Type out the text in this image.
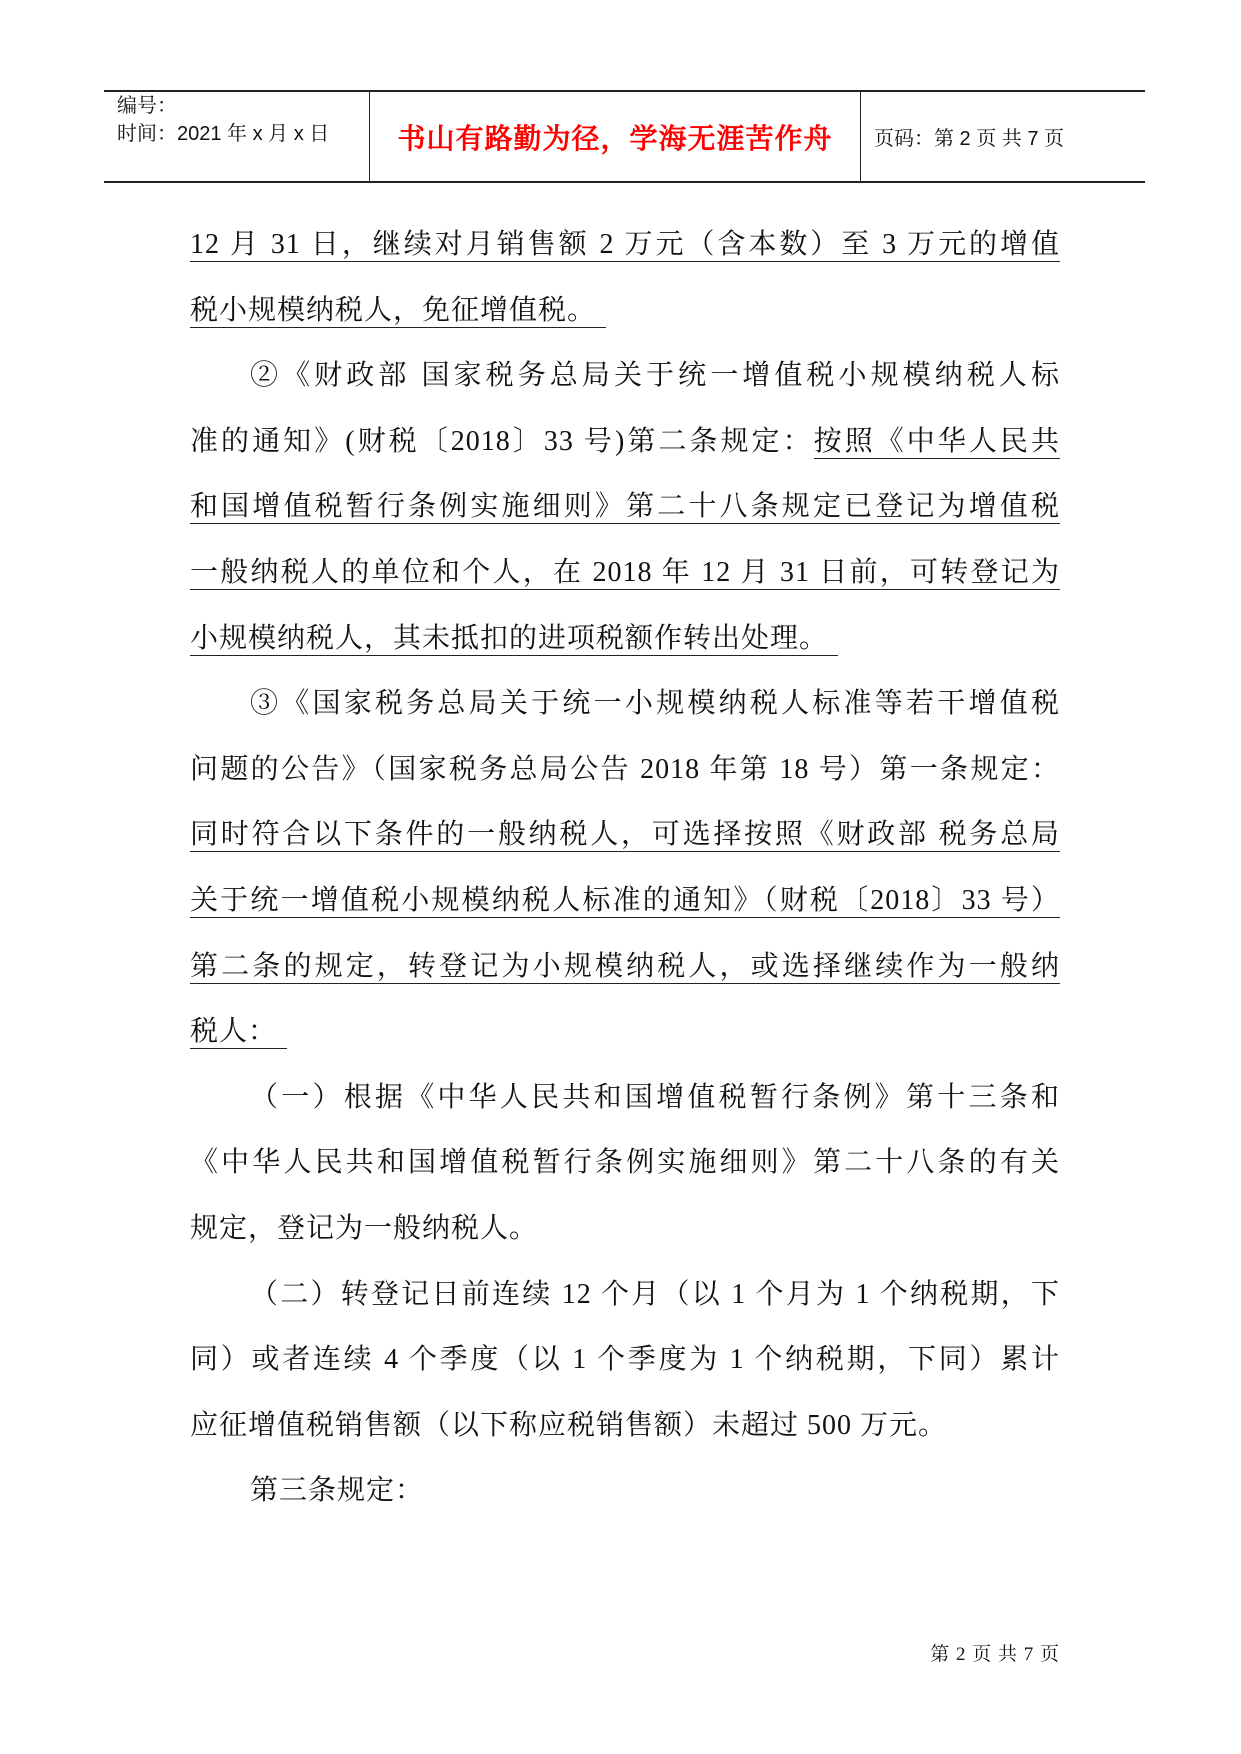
编号：
时间：2021 年 x 月 x 日 书山有路勤为径，学海无涯苦作舟 页码：第 2 页 共 7 页
12 月 31 日，继续对月销售额 2 万元（含本数）至 3 万元的增值
税小规模纳税人，免征增值税。
②《财政部 国家税务总局关于统一增值税小规模纳税人标
准的通知》(财税〔2018〕33 号)第二条规定：按照《中华人民共
和国增值税暂行条例实施细则》第二十八条规定已登记为增值税
一般纳税人的单位和个人，在 2018 年 12 月 31 日前，可转登记为
小规模纳税人，其未抵扣的进项税额作转出处理。
③《国家税务总局关于统一小规模纳税人标准等若干增值税
问题的公告》（国家税务总局公告 2018 年第 18 号）第一条规定：
同时符合以下条件的一般纳税人，可选择按照《财政部 税务总局
关于统一增值税小规模纳税人标准的通知》（财税〔2018〕33 号）
第二条的规定，转登记为小规模纳税人，或选择继续作为一般纳
税人：
（一）根据《中华人民共和国增值税暂行条例》第十三条和
《中华人民共和国增值税暂行条例实施细则》第二十八条的有关
规定，登记为一般纳税人。
（二）转登记日前连续 12 个月（以 1 个月为 1 个纳税期，下
同）或者连续 4 个季度（以 1 个季度为 1 个纳税期，下同）累计
应征增值税销售额（以下称应税销售额）未超过 500 万元。
第三条规定：
第 2 页 共 7 页
